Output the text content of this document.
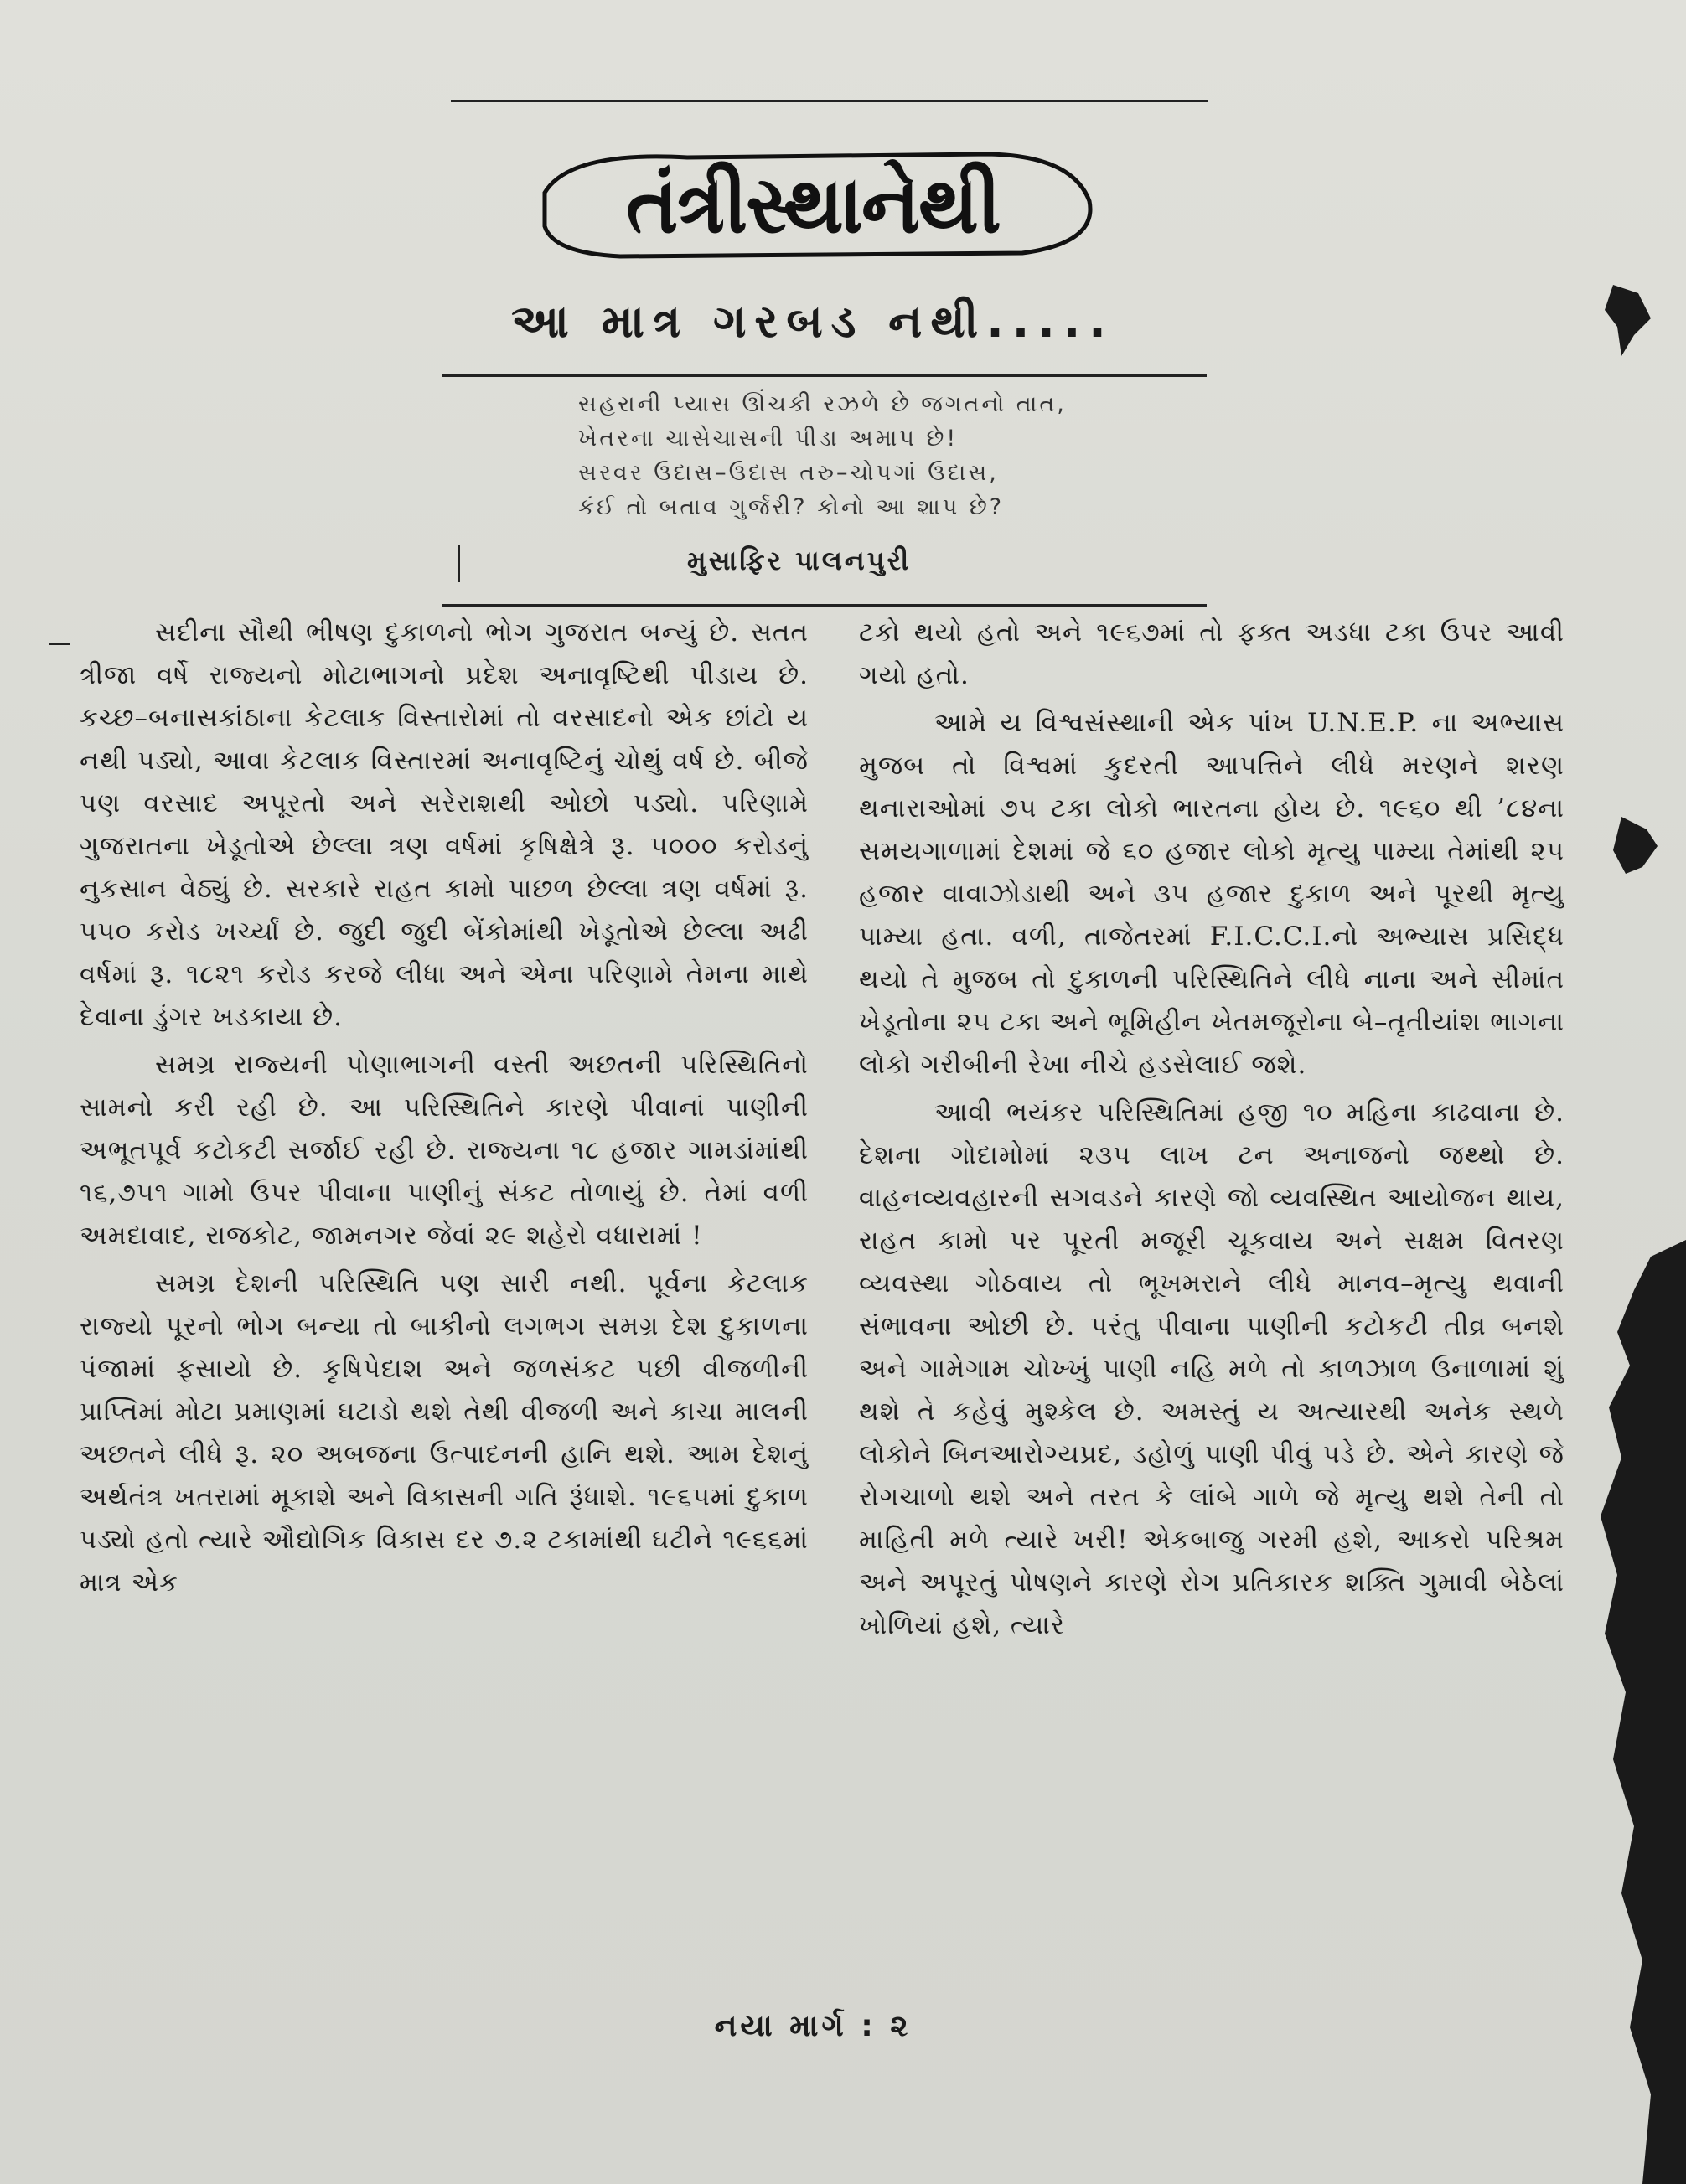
તંત્રીસ્થાનેથી
આ માત્ર ગરબડ નથી.....
સહરાની પ્યાસ ઊંચકી રઝળે છે જગતનો તાત,
ખેતરના ચાસેચાસની પીડા અમાપ છે!
સરવર ઉદાસ–ઉદાસ તરુ–ચોપગાં ઉદાસ,
કંઈ તો બતાવ ગુર્જરી? કોનો આ શાપ છે?
મુસાફિર પાલનપુરી

સદીના સૌથી ભીષણ દુકાળનો ભોગ ગુજરાત બન્યું છે. સતત ત્રીજા વર્ષે રાજ્યનો મોટાભાગનો પ્રદેશ અનાવૃષ્ટિથી પીડાય છે. કચ્છ–બનાસકાંઠાના કેટલાક વિસ્તારોમાં તો વરસાદનો એક છાંટો ય નથી પડ્યો, આવા કેટલાક વિસ્તારમાં અનાવૃષ્ટિનું ચોથું વર્ષ છે. બીજે પણ વરસાદ અપૂરતો અને સરેરાશથી ઓછો પડ્યો. પરિણામે ગુજરાતના ખેડૂતોએ છેલ્લા ત્રણ વર્ષમાં કૃષિક્ષેત્રે રૂ. ૫૦૦૦ કરોડનું નુકસાન વેઠ્યું છે. સરકારે રાહત કામો પાછળ છેલ્લા ત્રણ વર્ષમાં રૂ. ૫૫૦ કરોડ ખર્ચ્યાં છે. જુદી જુદી બેંકોમાંથી ખેડૂતોએ છેલ્લા અઢી વર્ષમાં રૂ. ૧૮૨૧ કરોડ કરજે લીધા અને એના પરિણામે તેમના માથે દેવાના ડુંગર ખડકાયા છે.

સમગ્ર રાજ્યની પોણાભાગની વસ્તી અછતની પરિસ્થિતિનો સામનો કરી રહી છે. આ પરિસ્થિતિને કારણે પીવાનાં પાણીની અભૂતપૂર્વ કટોકટી સર્જાઈ રહી છે. રાજ્યના ૧૮ હજાર ગામડાંમાંથી ૧૬,૭૫૧ ગામો ઉપર પીવાના પાણીનું સંકટ તોળાયું છે. તેમાં વળી અમદાવાદ, રાજકોટ, જામનગર જેવાં ૨૯ શહેરો વધારામાં !

સમગ્ર દેશની પરિસ્થિતિ પણ સારી નથી. પૂર્વના કેટલાક રાજ્યો પૂરનો ભોગ બન્યા તો બાકીનો લગભગ સમગ્ર દેશ દુકાળના પંજામાં ફસાયો છે. કૃષિપેદાશ અને જળસંકટ પછી વીજળીની પ્રાપ્તિમાં મોટા પ્રમાણમાં ઘટાડો થશે તેથી વીજળી અને કાચા માલની અછતને લીધે રૂ. ૨૦ અબજના ઉત્પાદનની હાનિ થશે. આમ દેશનું અર્થતંત્ર ખતરામાં મૂકાશે અને વિકાસની ગતિ રૂંધાશે. ૧૯૬૫માં દુકાળ પડ્યો હતો ત્યારે ઔદ્યોગિક વિકાસ દર ૭.૨ ટકામાંથી ઘટીને ૧૯૬૬માં માત્ર એક

ટકો થયો હતો અને ૧૯૬૭માં તો ફક્ત અડધા ટકા ઉપર આવી ગયો હતો.

આમે ય વિશ્વસંસ્થાની એક પાંખ U.N.E.P. ના અભ્યાસ મુજબ તો વિશ્વમાં કુદરતી આપત્તિને લીધે મરણને શરણ થનારાઓમાં ૭૫ ટકા લોકો ભારતના હોય છે. ૧૯૬૦ થી ’૮૪ના સમયગાળામાં દેશમાં જે ૬૦ હજાર લોકો મૃત્યુ પામ્યા તેમાંથી ૨૫ હજાર વાવાઝોડાથી અને ૩૫ હજાર દુકાળ અને પૂરથી મૃત્યુ પામ્યા હતા. વળી, તાજેતરમાં F.I.C.C.I.નો અભ્યાસ પ્રસિદ્ધ થયો તે મુજબ તો દુકાળની પરિસ્થિતિને લીધે નાના અને સીમાંત ખેડૂતોના ૨૫ ટકા અને ભૂમિહીન ખેતમજૂરોના બે–તૃતીયાંશ ભાગના લોકો ગરીબીની રેખા નીચે હડસેલાઈ જશે.

આવી ભયંકર પરિસ્થિતિમાં હજી ૧૦ મહિના કાઢવાના છે. દેશના ગોદામોમાં ૨૩૫ લાખ ટન અનાજનો જથ્થો છે. વાહનવ્યવહારની સગવડને કારણે જો વ્યવસ્થિત આયોજન થાય, રાહત કામો પર પૂરતી મજૂરી ચૂકવાય અને સક્ષમ વિતરણ વ્યવસ્થા ગોઠવાય તો ભૂખમરાને લીધે માનવ–મૃત્યુ થવાની સંભાવના ઓછી છે. પરંતુ પીવાના પાણીની કટોકટી તીવ્ર બનશે અને ગામેગામ ચોખ્ખું પાણી નહિ મળે તો કાળઝાળ ઉનાળામાં શું થશે તે કહેવું મુશ્કેલ છે. અમસ્તું ય અત્યારથી અનેક સ્થળે લોકોને બિનઆરોગ્યપ્રદ, ડહોળું પાણી પીવું પડે છે. એને કારણે જે રોગચાળો થશે અને તરત કે લાંબે ગાળે જે મૃત્યુ થશે તેની તો માહિતી મળે ત્યારે ખરી! એકબાજુ ગરમી હશે, આકરો પરિશ્રમ અને અપૂરતું પોષણને કારણે રોગ પ્રતિકારક શક્તિ ગુમાવી બેઠેલાં ખોળિયાં હશે, ત્યારે

નયા માર્ગ : ૨
